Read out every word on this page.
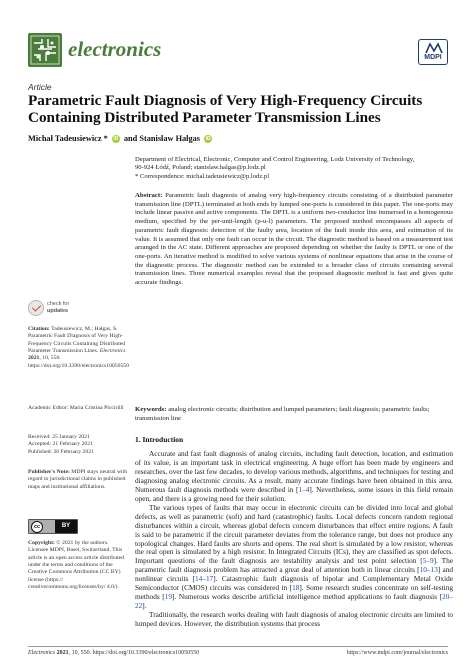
electronics	MDPI
Article
Parametric Fault Diagnosis of Very High-Frequency Circuits Containing Distributed Parameter Transmission Lines
Michał Tadeusiewicz * iD and Stanisław Hałgas iD
Department of Electrical, Electronic, Computer and Control Engineering, Lodz University of Technology,
90-924 Łódź, Poland; stanislaw.halgas@p.lodz.pl
* Correspondence: michal.tadeusiewicz@p.lodz.pl
Abstract: Parametric fault diagnosis of analog very high-frequency circuits consisting of a distributed parameter transmission line (DPTL) terminated at both ends by lumped one-ports is considered in this paper. The one-ports may include linear passive and active components. The DPTL is a uniform two-conductor line immersed in a homogenous medium, specified by the per-unit-length (p-u-l) parameters. The proposed method encompasses all aspects of parametric fault diagnosis: detection of the faulty area, location of the fault inside this area, and estimation of its value. It is assumed that only one fault can occur in the circuit. The diagnostic method is based on a measurement test arranged in the AC state. Different approaches are proposed depending on whether the faulty is DPTL or one of the one-ports. An iterative method is modified to solve various systems of nonlinear equations that arise in the course of the diagnostic process. The diagnostic method can be extended to a broader class of circuits containing several transmission lines. Three numerical examples reveal that the proposed diagnostic method is fast and gives quite accurate findings.
Keywords: analog electronic circuits; distribution and lumped parameters; fault diagnosis; parametric faults; transmission line
1. Introduction

Accurate and fast fault diagnosis of analog circuits, including fault detection, location, and estimation of its value, is an important task in electrical engineering. A huge effort has been made by engineers and researches, over the last few decades, to develop various methods, algorithms, and techniques for testing and diagnosing analog electronic circuits. As a result, many accurate findings have been obtained in this area. Numerous fault diagnosis methods were described in [1–4]. Nevertheless, some issues in this field remain open, and there is a growing need for their solution.

The various types of faults that may occur in electronic circuits can be divided into local and global defects, as well as parametric (soft) and hard (catastrophic) faults. Local defects concern random regional disturbances within a circuit, whereas global defects concern disturbances that effect entire regions. A fault is said to be parametric if the circuit parameter deviates from the tolerance range, but does not produce any topological changes. Hard faults are shorts and opens. The real short is simulated by a low resistor, whereas the real open is simulated by a high resistor. In Integrated Circuits (ICs), they are classified as spot defects. Important questions of the fault diagnosis are testability analysis and test point selection [5–9]. The parametric fault diagnosis problem has attracted a great deal of attention both in linear circuits [10–13] and nonlinear circuits [14–17]. Catastrophic fault diagnosis of bipolar and Complementary Metal Oxide Semiconductor (CMOS) circuits was considered in [18]. Some research studies concentrate on self-testing methods [19]. Numerous works describe artificial intelligence method applications to fault diagnosis [20–22].

Traditionally, the research works dealing with fault diagnosis of analog electronic circuits are limited to lumped devices. However, the distribution systems that process

check for
updates
Citation: Tadeusiewicz, M.; Hałgas, S. Parametric Fault Diagnosis of Very High-Frequency Circuits Containing Distributed Parameter Transmission Lines. Electronics 2021, 10, 550. https://doi.org/10.3390/electronics10050550
Academic Editor: Maria Cristina Piccirilli
Received: 25 January 2021
Accepted: 21 February 2021
Published: 26 February 2021
Publisher's Note: MDPI stays neutral with regard to jurisdictional claims in published maps and institutional affiliations.
cc	BY
Copyright: © 2021 by the authors. Licensee MDPI, Basel, Switzerland. This article is an open access article distributed under the terms and conditions of the Creative Commons Attribution (CC BY) license (https:// creativecommons.org/licenses/by/ 4.0/).
Electronics 2021, 10, 550. https://doi.org/10.3390/electronics10050550	https://www.mdpi.com/journal/electronics
